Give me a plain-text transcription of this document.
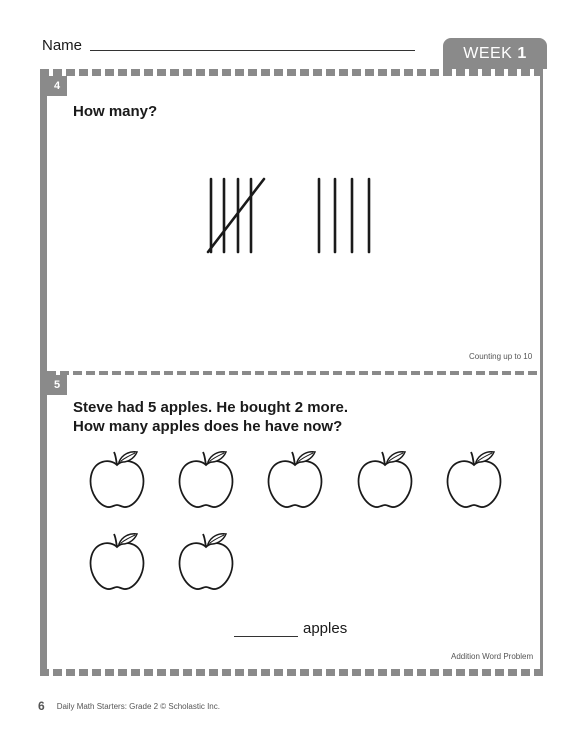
Name	WEEK 1
4
How many?
Counting up to 10
5
Steve had 5 apples. He bought 2 more.
How many apples does he have now?
apples
Addition Word Problem
6 Daily Math Starters: Grade 2 © Scholastic Inc.
